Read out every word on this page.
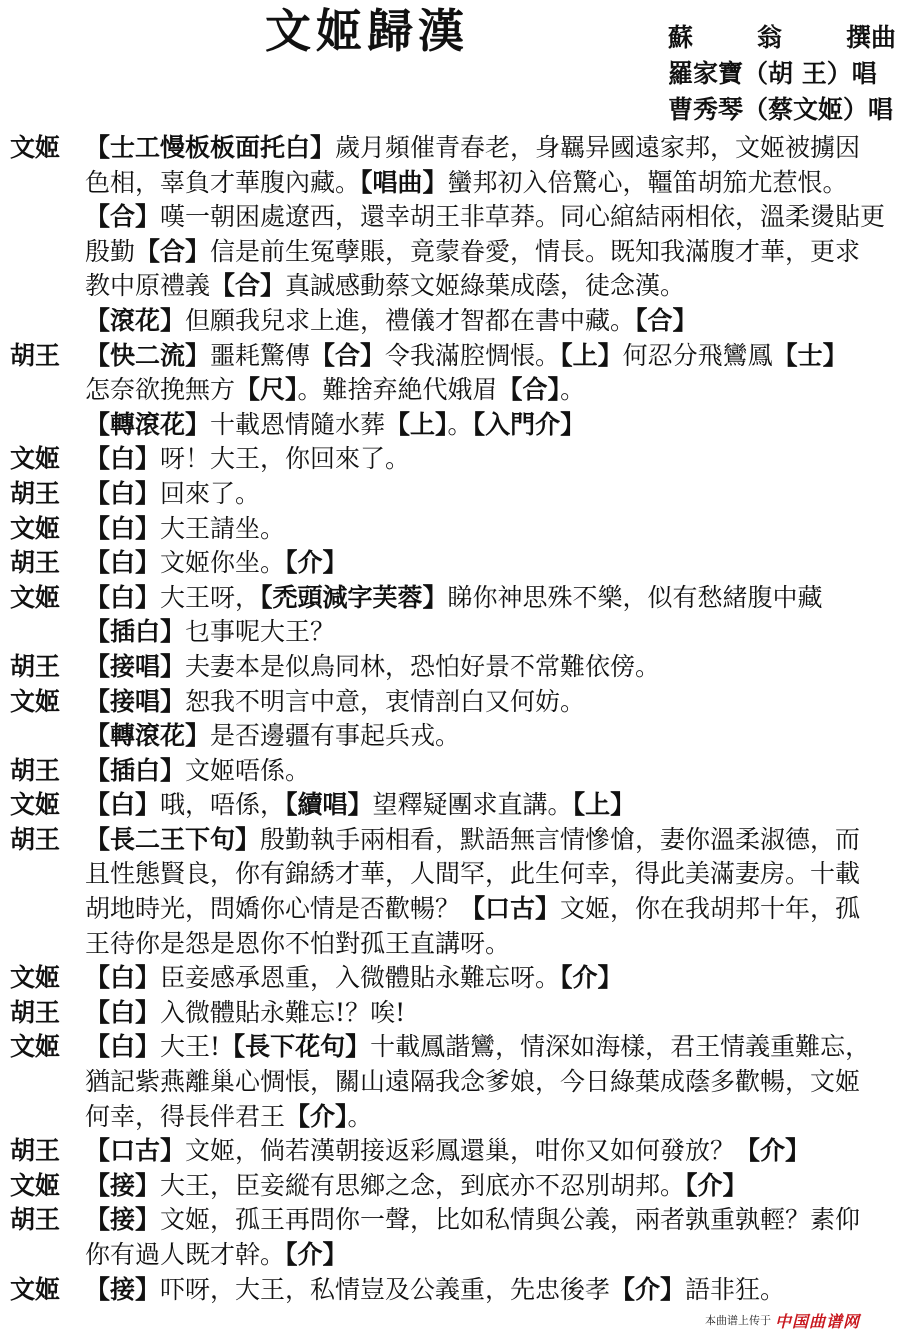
文姬歸漢	蘇	翁	撰曲
羅家寶（胡 王）唱
曹秀琴（蔡文姬）唱
文姬 【士工慢板板面托白】歲月頻催青春老，身羈异國遠家邦，文姬被擄因
色相，辜負才華腹內藏。【唱曲】蠻邦初入倍驚心，韁笛胡笳尤惹恨。
【合】嘆一朝困處遼西，還幸胡王非草莽。同心綰結兩相依，溫柔燙貼更
殷勤【合】信是前生冤孽賬，竟蒙眷愛，情長。既知我滿腹才華，更求
教中原禮義【合】真誠感動蔡文姬綠葉成蔭，徒念漢。
【滾花】但願我兒求上進，禮儀才智都在書中藏。【合】
胡王 【快二流】噩耗驚傳【合】令我滿腔惆悵。【上】何忍分飛鸞鳳【士】
怎奈欲挽無方【尺】。難捨弃絶代娥眉【合】。
【轉滾花】十載恩情隨水葬【上】。【入門介】
文姬 【白】呀！大王，你回來了。
胡王 【白】回來了。
文姬 【白】大王請坐。
胡王 【白】文姬你坐。【介】
文姬 【白】大王呀，【禿頭減字芙蓉】睇你神思殊不樂，似有愁緒腹中藏
【插白】乜事呢大王？
胡王 【接唱】夫妻本是似鳥同林，恐怕好景不常難依傍。
文姬 【接唱】恕我不明言中意，衷情剖白又何妨。
【轉滾花】是否邊疆有事起兵戎。
胡王 【插白】文姬唔係。
文姬 【白】哦，唔係，【續唱】望釋疑團求直講。【上】
胡王 【長二王下句】殷勤執手兩相看，默語無言情慘愴，妻你溫柔淑德，而
且性態賢良，你有錦綉才華，人間罕，此生何幸，得此美滿妻房。十載
胡地時光，問嬌你心情是否歡暢？【口古】文姬，你在我胡邦十年，孤
王待你是怨是恩你不怕對孤王直講呀。
文姬 【白】臣妾感承恩重，入微體貼永難忘呀。【介】
胡王 【白】入微體貼永難忘!？唉!
文姬 【白】大王!【長下花句】十載鳳諧鸞，情深如海樣，君王情義重難忘，
猶記紫燕離巢心惆悵，關山遠隔我念爹娘，今日綠葉成蔭多歡暢，文姬
何幸，得長伴君王【介】。
胡王 【口古】文姬，倘若漢朝接返彩鳳還巢，咁你又如何發放？【介】
文姬 【接】大王，臣妾縱有思鄉之念，到底亦不忍別胡邦。【介】
胡王 【接】文姬，孤王再問你一聲，比如私情與公義，兩者孰重孰輕？素仰
你有過人既才幹。【介】
文姬 【接】吓呀，大王，私情豈及公義重，先忠後孝【介】語非狂。
本曲谱上传于 中国曲谱网
